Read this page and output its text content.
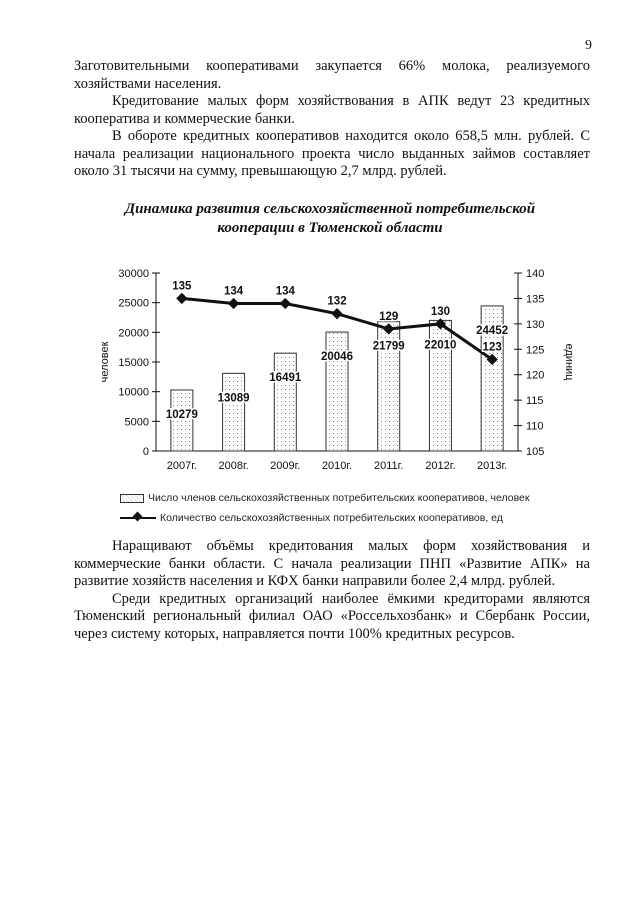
9

Заготовительными кооперативами закупается 66% молока, реализуемого хозяйствами населения.

Кредитование малых форм хозяйствования в АПК ведут 23 кредитных кооператива и коммерческие банки.

В обороте кредитных кооперативов находится около 658,5 млн. рублей. С начала реализации национального проекта число выданных займов составляет около 31 тысячи на сумму, превышающую 2,7 млрд. рублей.

Динамика развития сельскохозяйственной потребительской
кооперации в Тюменской области
0
5000
10000
15000
20000
25000
30000
105
110
115
120
125
130
135
140
человек	единиц
2007г. 2008г. 2009г. 2010г. 2011г. 2012г. 2013г.
10279
13089
16491
20046
21799 22010
24452
135	134	134
132
129	130
123
Число членов сельскохозяйственных потребительских кооперативов, человек
Количество сельскохозяйственных потребительских кооперативов, ед

Наращивают объёмы кредитования малых форм хозяйствования и коммерческие банки области. С начала реализации ПНП «Развитие АПК» на развитие хозяйств населения и КФХ банки направили более 2,4 млрд. рублей.

Среди кредитных организаций наиболее ёмкими кредиторами являются Тюменский региональный филиал ОАО «Россельхозбанк» и Сбербанк России, через систему которых, направляется почти 100% кредитных ресурсов.
